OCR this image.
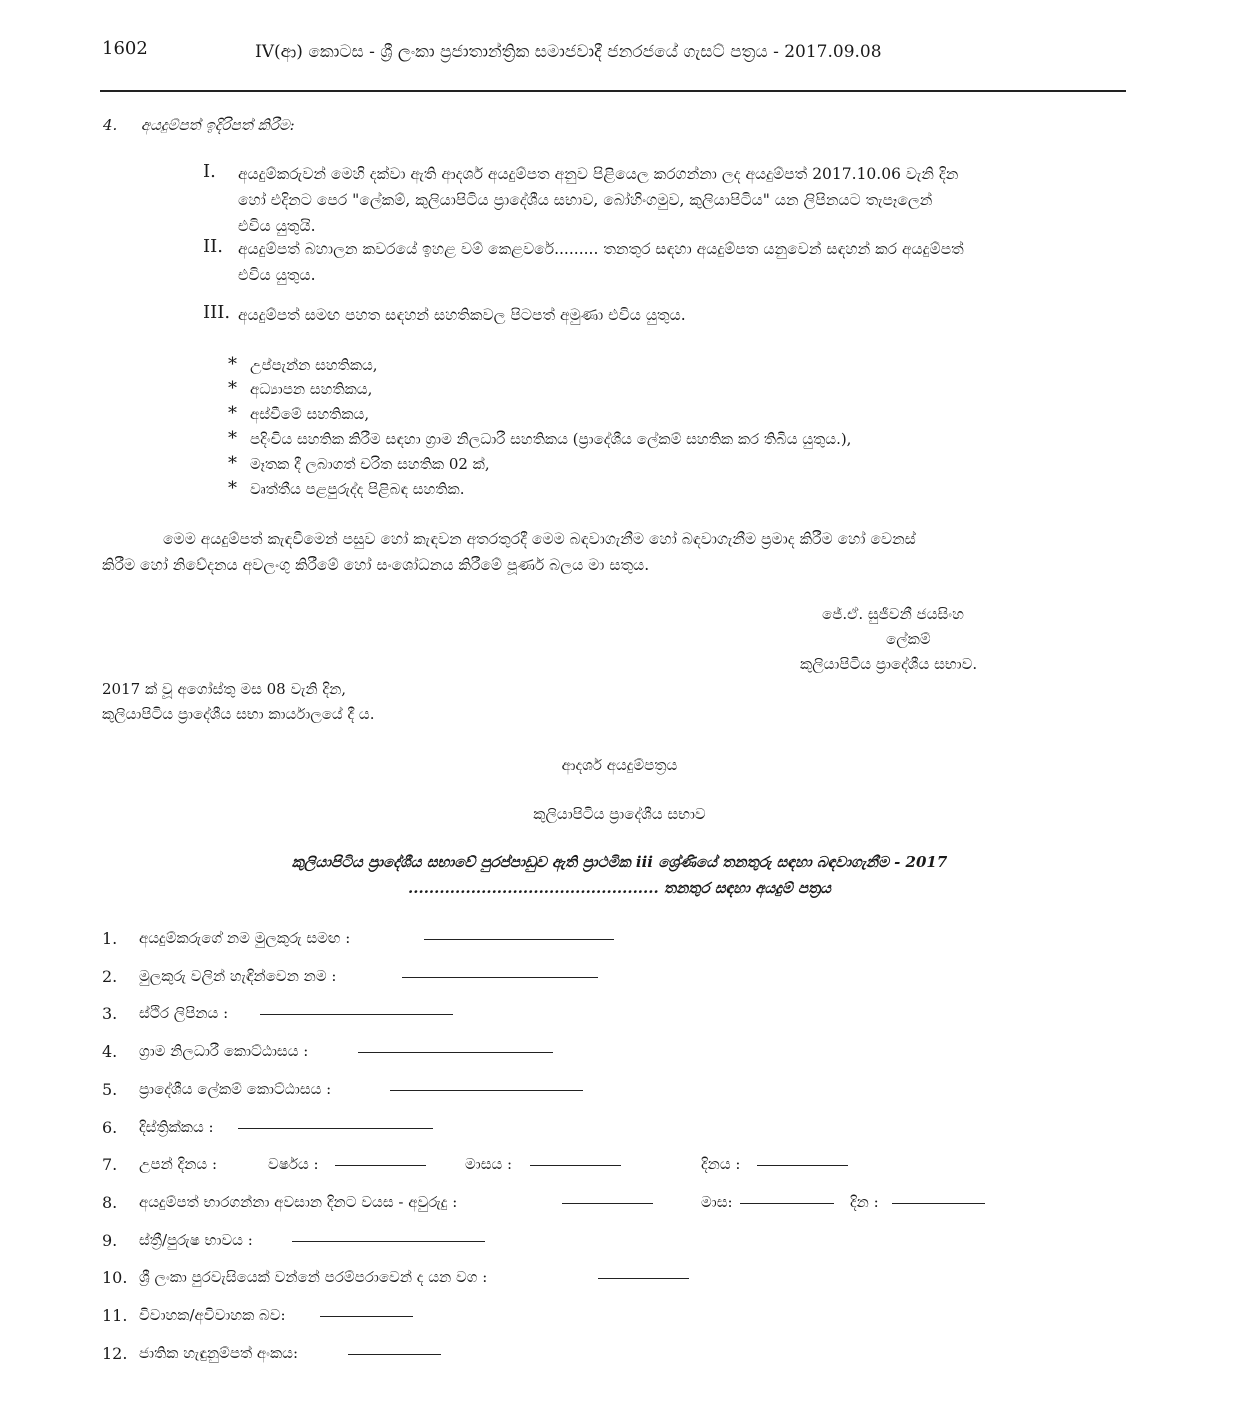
1602	IV(ආ) කොටස - ශ්‍රී ලංකා ප්‍රජාතාන්ත්‍රික සමාජවාදී ජනරජයේ ගැසට් පත්‍රය - 2017.09.08
4. අයදුම්පත් ඉදිරිපත් කිරීම:
I. අයදුම්කරුවන් මෙහි දක්වා ඇති ආදර්ශ අයදුම්පත අනුව පිළියෙල කරගන්නා ලද අයදුම්පත් 2017.10.06 වැනි දින
හෝ එදිනට පෙර "ලේකම්, කුලියාපිටිය ප්‍රාදේශීය සභාව, බෝහිංගමුව, කුලියාපිටිය" යන ලිපිනයට තැපෑලෙන්
එවිය යුතුයි.
II. අයදුම්පත් බහාලන කවරයේ ඉහළ වම් කෙළවරේ......... තනතුර සඳහා අයදුම්පත යනුවෙන් සඳහන් කර අයදුම්පත්
එවිය යුතුය.
III. අයදුම්පත් සමඟ පහත සඳහන් සහතිකවල පිටපත් අමුණා එවිය යුතුය.
* උප්පැන්න සහතිකය,
* අධ්‍යාපන සහතිකය,
* අස්වීමේ සහතිකය,
* පදිංචිය සහතික කිරීම සඳහා ග්‍රාම නිලධාරී සහතිකය (ප්‍රාදේශීය ලේකම් සහතික කර තිබිය යුතුය.),
* මෑතක දී ලබාගත් චරිත සහතික 02 ක්,
* වෘත්තීය පළපුරුද්ද පිළිබඳ සහතික.
මෙම අයදුම්පත් කැඳවීමෙන් පසුව හෝ කැඳවන අතරතුරදී මෙම බඳවාගැනීම හෝ බඳවාගැනීම ප්‍රමාද කිරීම හෝ වෙනස්
කිරීම හෝ නිවේදනය අවලංගු කිරීමේ හෝ සංශෝධනය කිරීමේ පූර්ණ බලය මා සතුය.
ජේ.ඒ. සුජීවනී ජයසිංහ
ලේකම්
කුලියාපිටිය ප්‍රාදේශීය සභාව.
2017 ක් වූ අගෝස්තු මස 08 වැනි දින,
කුලියාපිටිය ප්‍රාදේශීය සභා කාර්යාලයේ දී ය.
ආදර්ශ අයදුම්පත්‍රය
කුලියාපිටිය ප්‍රාදේශීය සභාව
කුලියාපිටිය ප්‍රාදේශීය සභාවේ පුරප්පාඩුව ඇති ප්‍රාථමික iii ශ්‍රේණියේ තනතුරු සඳහා බඳවාගැනීම - 2017
................................................ තනතුර සඳහා අයදුම් පත්‍රය
1. අයදුම්කරුගේ නම මුලකුරු සමඟ :
2. මුලකුරු වලින් හැඳින්වෙන නම :
3. ස්ථිර ලිපිනය :
4. ග්‍රාම නිලධාරී කොට්ඨාසය :
5. ප්‍රාදේශීය ලේකම් කොට්ඨාසය :
6. දිස්ත්‍රික්කය :
7. උපන් දිනය :	වර්ෂය :	මාසය :	දිනය :
8. අයදුම්පත් භාරගන්නා අවසාන දිනට වයස - අවුරුදු :	මාස:	දින :
9. ස්ත්‍රී/පුරුෂ භාවය :
10. ශ්‍රී ලංකා පුරවැසියෙක් වන්නේ පරම්පරාවෙන් ද යන වග :
11. විවාහක/අවිවාහක බව:
12. ජාතික හැඳුනුම්පත් අංකය:
